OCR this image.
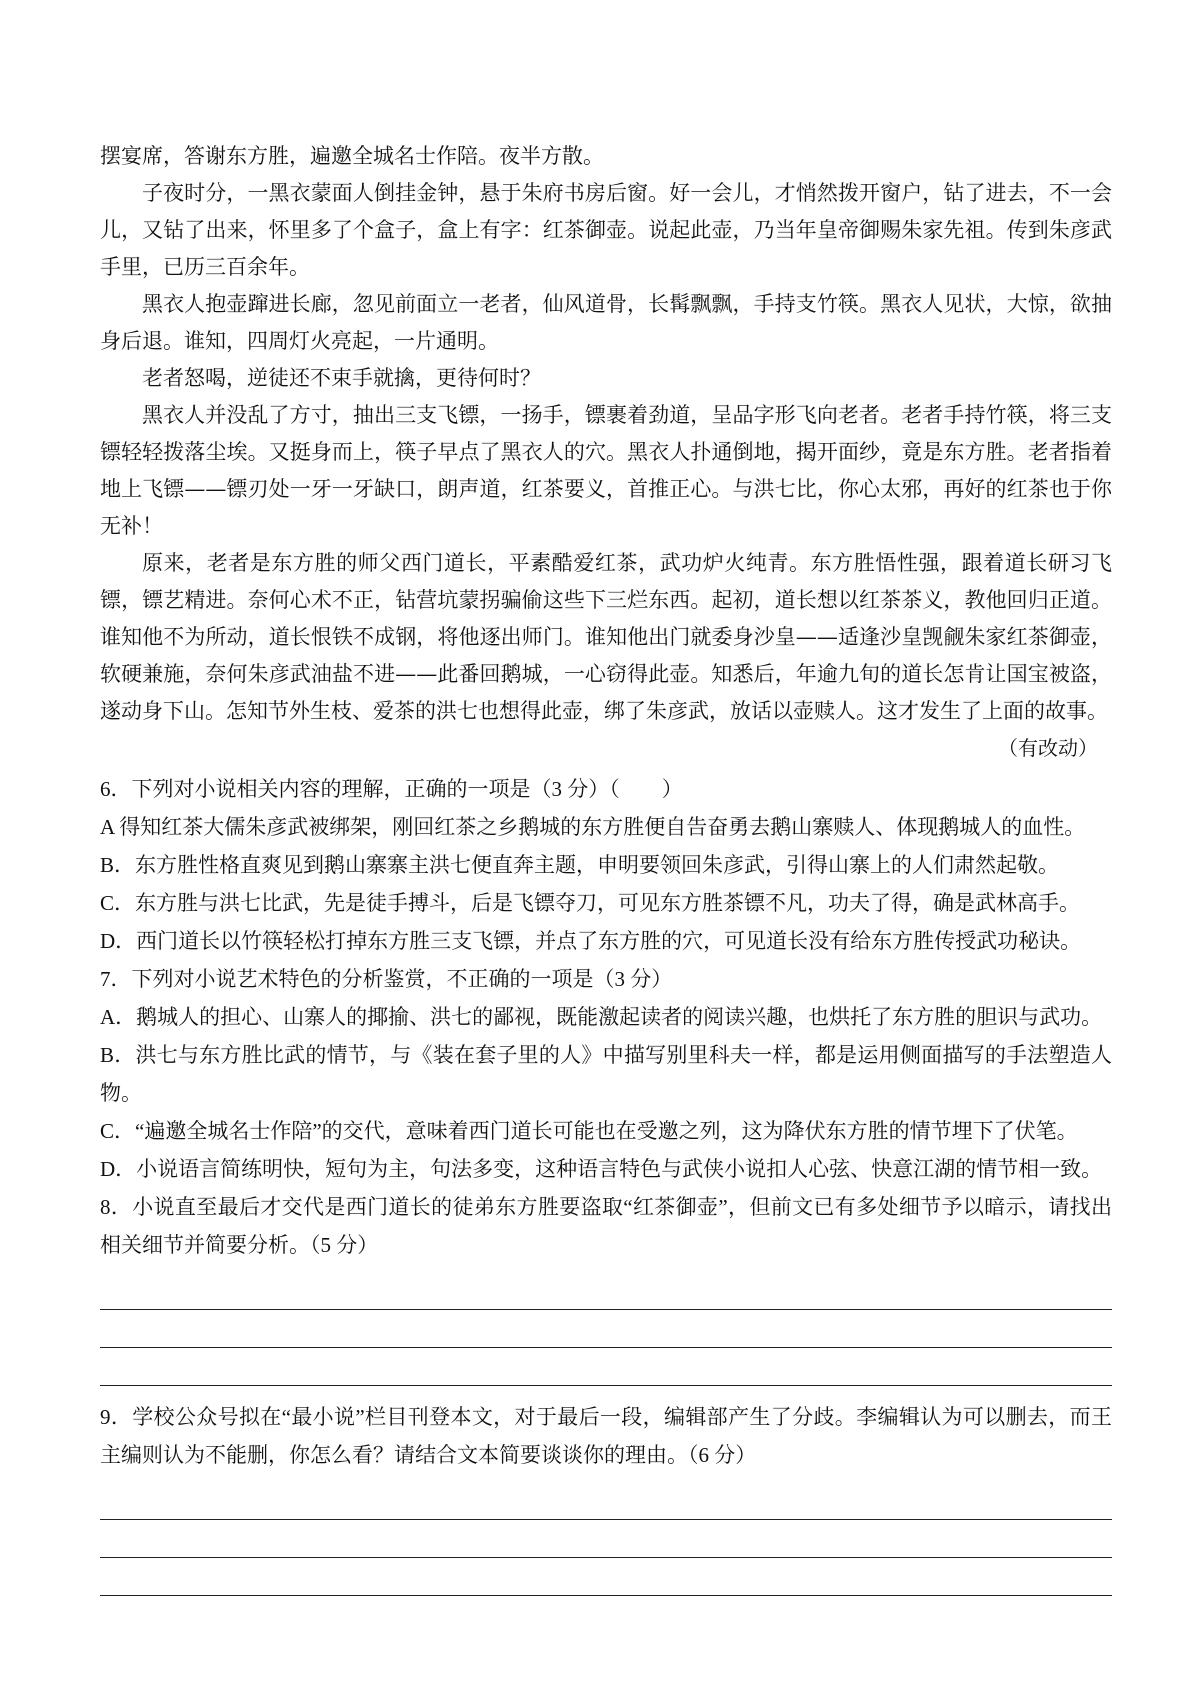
摆宴席，答谢东方胜，遍邀全城名士作陪。夜半方散。

子夜时分，一黑衣蒙面人倒挂金钟，悬于朱府书房后窗。好一会儿，才悄然拨开窗户，钻了进去，不一会儿，又钻了出来，怀里多了个盒子，盒上有字：红茶御壶。说起此壶，乃当年皇帝御赐朱家先祖。传到朱彦武手里，已历三百余年。

黑衣人抱壶蹿进长廊，忽见前面立一老者，仙风道骨，长髯飘飘，手持支竹筷。黑衣人见状，大惊，欲抽身后退。谁知，四周灯火亮起，一片通明。

老者怒喝，逆徒还不束手就擒，更待何时？

黑衣人并没乱了方寸，抽出三支飞镖，一扬手，镖裹着劲道，呈品字形飞向老者。老者手持竹筷，将三支镖轻轻拨落尘埃。又挺身而上，筷子早点了黑衣人的穴。黑衣人扑通倒地，揭开面纱，竟是东方胜。老者指着地上飞镖——镖刃处一牙一牙缺口，朗声道，红茶要义，首推正心。与洪七比，你心太邪，再好的红茶也于你无补！

原来，老者是东方胜的师父西门道长，平素酷爱红茶，武功炉火纯青。东方胜悟性强，跟着道长研习飞镖，镖艺精进。奈何心术不正，钻营坑蒙拐骗偷这些下三烂东西。起初，道长想以红茶茶义，教他回归正道。谁知他不为所动，道长恨铁不成钢，将他逐出师门。谁知他出门就委身沙皇——适逢沙皇觊觎朱家红茶御壶，软硬兼施，奈何朱彦武油盐不进——此番回鹅城，一心窃得此壶。知悉后，年逾九旬的道长怎肯让国宝被盗，遂动身下山。怎知节外生枝、爱茶的洪七也想得此壶，绑了朱彦武，放话以壶赎人。这才发生了上面的故事。

（有改动）

6．下列对小说相关内容的理解，正确的一项是（3 分）（　　）

A 得知红茶大儒朱彦武被绑架，刚回红茶之乡鹅城的东方胜便自告奋勇去鹅山寨赎人、体现鹅城人的血性。

B．东方胜性格直爽见到鹅山寨寨主洪七便直奔主题，申明要领回朱彦武，引得山寨上的人们肃然起敬。

C．东方胜与洪七比武，先是徒手搏斗，后是飞镖夺刀，可见东方胜茶镖不凡，功夫了得，确是武林高手。

D．西门道长以竹筷轻松打掉东方胜三支飞镖，并点了东方胜的穴，可见道长没有给东方胜传授武功秘诀。

7．下列对小说艺术特色的分析鉴赏，不正确的一项是（3 分）

A．鹅城人的担心、山寨人的揶揄、洪七的鄙视，既能激起读者的阅读兴趣，也烘托了东方胜的胆识与武功。

B．洪七与东方胜比武的情节，与《装在套子里的人》中描写别里科夫一样，都是运用侧面描写的手法塑造人物。

C．“遍邀全城名士作陪”的交代，意味着西门道长可能也在受邀之列，这为降伏东方胜的情节埋下了伏笔。

D．小说语言简练明快，短句为主，句法多变，这种语言特色与武侠小说扣人心弦、快意江湖的情节相一致。

8．小说直至最后才交代是西门道长的徒弟东方胜要盗取“红茶御壶”，但前文已有多处细节予以暗示，请找出相关细节并简要分析。（5 分）

9．学校公众号拟在“最小说”栏目刊登本文，对于最后一段，编辑部产生了分歧。李编辑认为可以删去，而王主编则认为不能删，你怎么看？请结合文本简要谈谈你的理由。（6 分）
